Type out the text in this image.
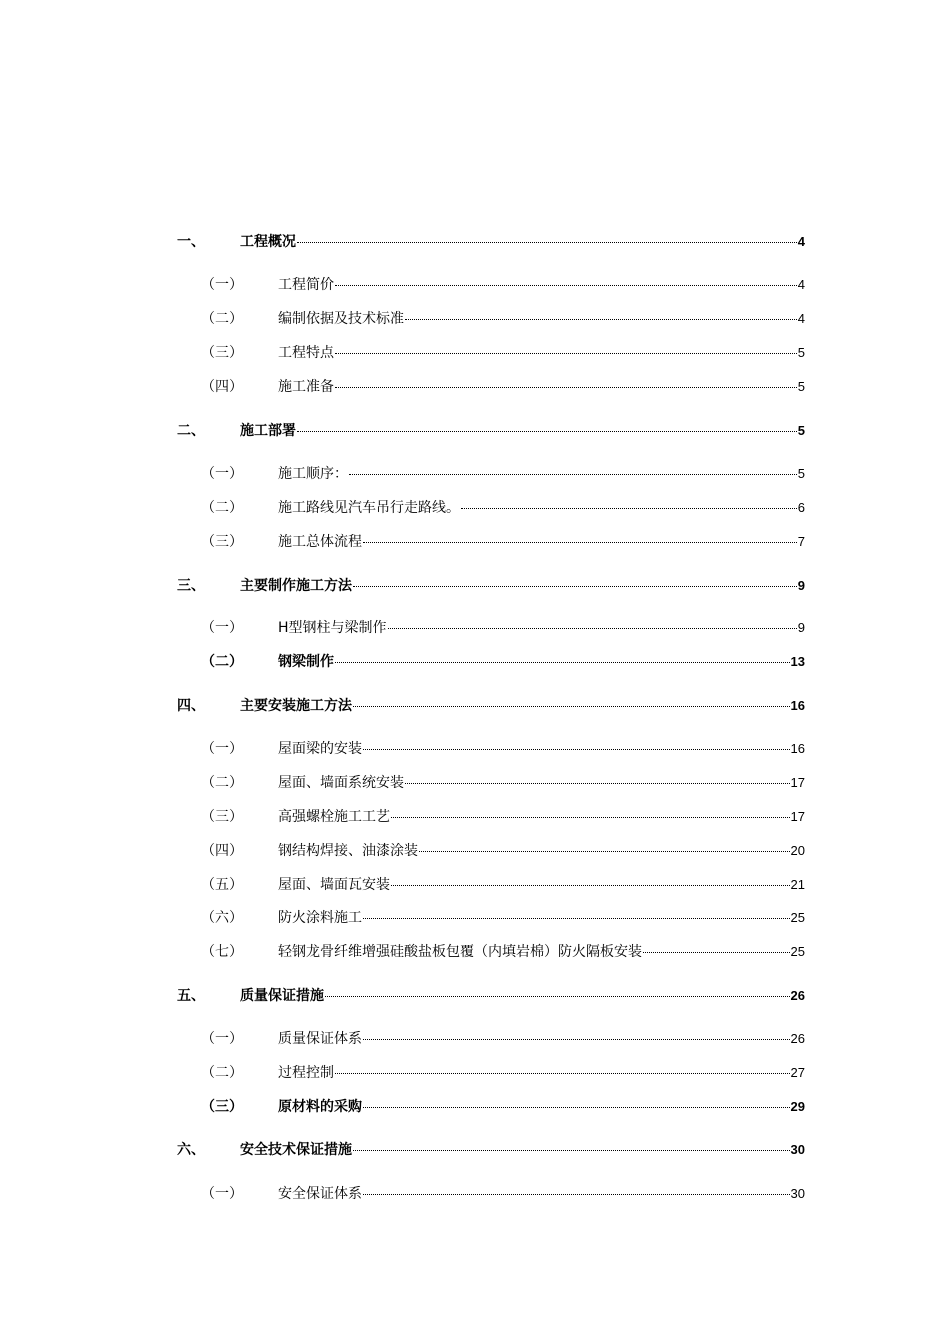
一、	工程概况	4
（一）	工程简价	4
（二）	编制依据及技术标准	4
（三）	工程特点	5
（四）	施工准备	5
二、	施工部署	5
（一）	施工顺序：	5
（二）	施工路线见汽车吊行走路线。	6
（三）	施工总体流程	7
三、	主要制作施工方法	9
（一）	H型钢柱与梁制作	9
（二）	钢梁制作	13
四、	主要安装施工方法	16
（一）	屋面梁的安装	16
（二）	屋面、墙面系统安装	17
（三）	高强螺栓施工工艺	17
（四）	钢结构焊接、油漆涂装	20
（五）	屋面、墙面瓦安装	21
（六）	防火涂料施工	25
（七）	轻钢龙骨纤维增强硅酸盐板包覆（内填岩棉）防火隔板安装	25
五、	质量保证措施	26
（一）	质量保证体系	26
（二）	过程控制	27
（三）	原材料的采购	29
六、	安全技术保证措施	30
（一）	安全保证体系	30
